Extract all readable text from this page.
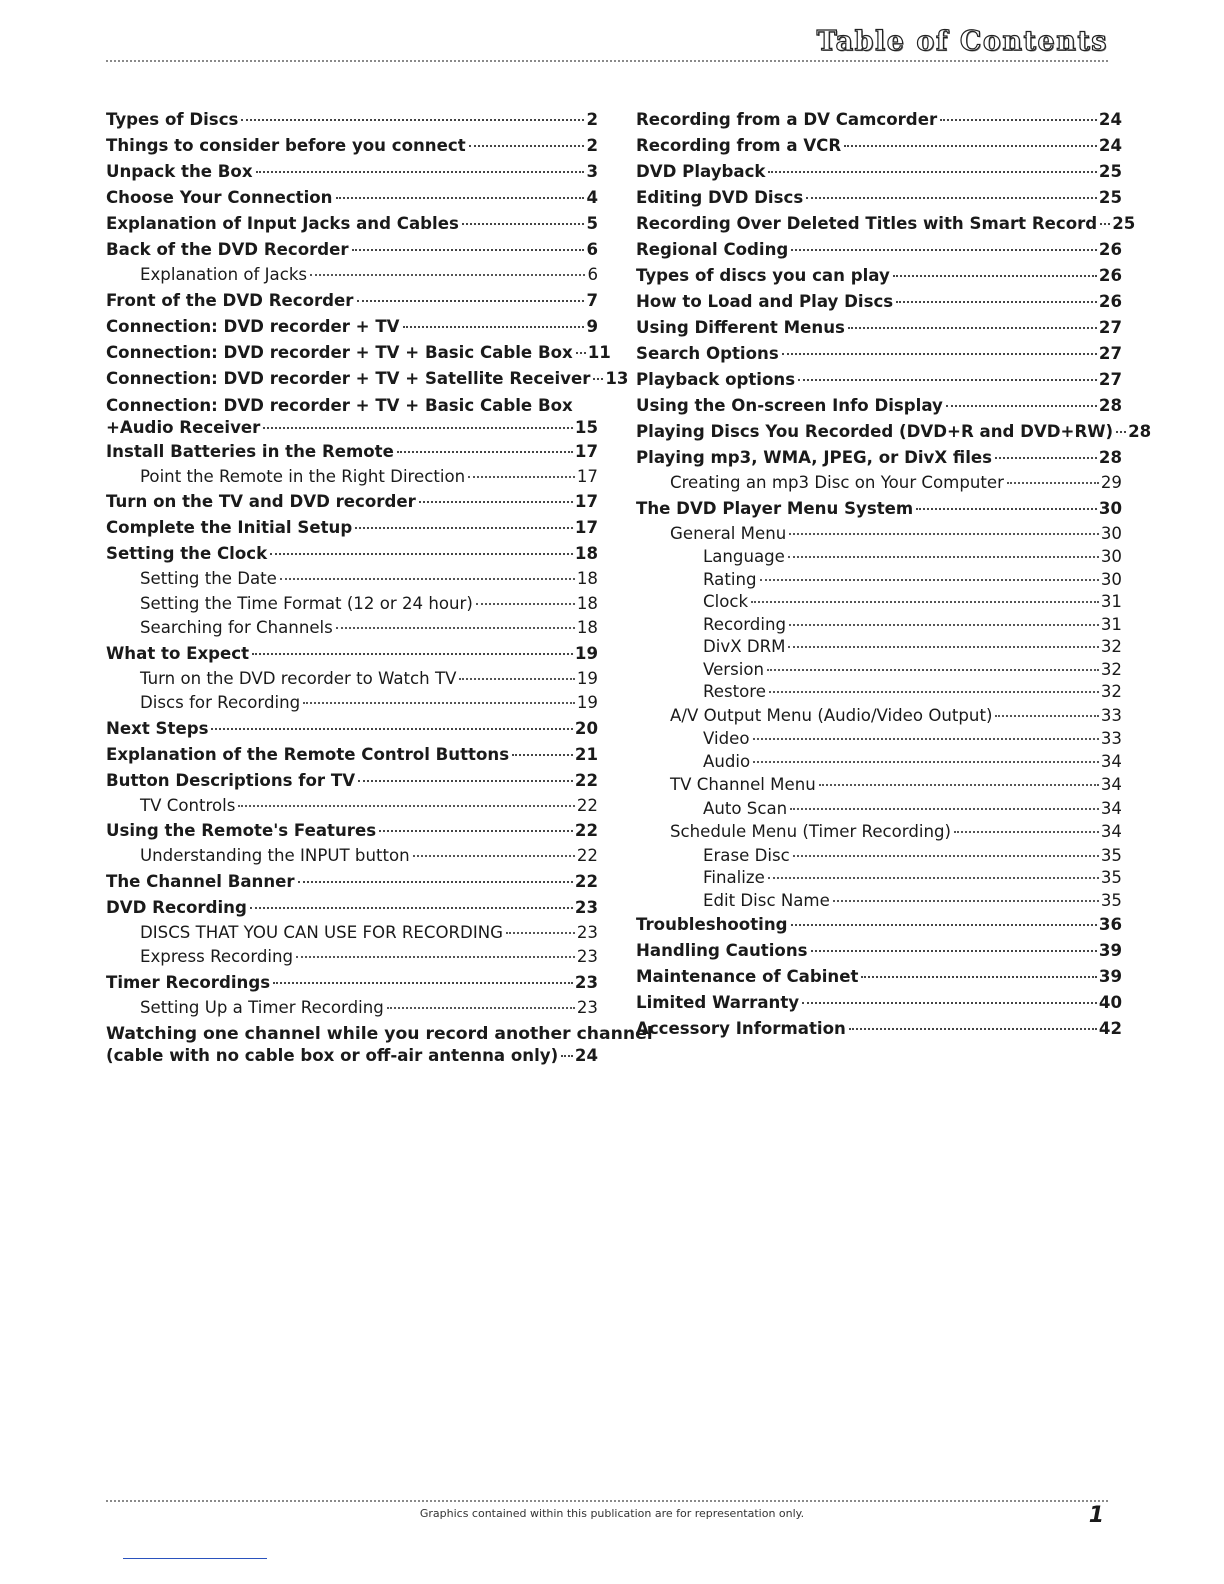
Table of Contents
Types of Discs	2
Things to consider before you connect	2
Unpack the Box	3
Choose Your Connection	4
Explanation of Input Jacks and Cables	5
Back of the DVD Recorder	6
Explanation of Jacks	6
Front of the DVD Recorder	7
Connection: DVD recorder + TV	9
Connection: DVD recorder + TV + Basic Cable Box 11
Connection: DVD recorder + TV + Satellite Receiver 13
Connection: DVD recorder + TV + Basic Cable Box
+Audio Receiver	15
Install Batteries in the Remote	17
Point the Remote in the Right Direction	17
Turn on the TV and DVD recorder	17
Complete the Initial Setup	17
Setting the Clock	18
Setting the Date	18
Setting the Time Format (12 or 24 hour)	18
Searching for Channels	18
What to Expect	19
Turn on the DVD recorder to Watch TV	19
Discs for Recording	19
Next Steps	20
Explanation of the Remote Control Buttons	21
Button Descriptions for TV	22
TV Controls	22
Using the Remote's Features	22
Understanding the INPUT button	22
The Channel Banner	22
DVD Recording	23
DISCS THAT YOU CAN USE FOR RECORDING	23
Express Recording	23
Timer Recordings	23
Setting Up a Timer Recording	23
Watching one channel while you record another channel
(cable with no cable box or off-air antenna only) 24
Recording from a DV Camcorder	24
Recording from a VCR	24
DVD Playback	25
Editing DVD Discs	25
Recording Over Deleted Titles with Smart Record 25
Regional Coding	26
Types of discs you can play	26
How to Load and Play Discs	26
Using Different Menus	27
Search Options	27
Playback options	27
Using the On-screen Info Display	28
Playing Discs You Recorded (DVD+R and DVD+RW) 28
Playing mp3, WMA, JPEG, or DivX files	28
Creating an mp3 Disc on Your Computer	29
The DVD Player Menu System	30
General Menu	30
Language	30
Rating	30
Clock	31
Recording	31
DivX DRM	32
Version	32
Restore	32
A/V Output Menu (Audio/Video Output)	33
Video	33
Audio	34
TV Channel Menu	34
Auto Scan	34
Schedule Menu (Timer Recording)	34
Erase Disc	35
Finalize	35
Edit Disc Name	35
Troubleshooting	36
Handling Cautions	39
Maintenance of Cabinet	39
Limited Warranty	40
Accessory Information	42
Graphics contained within this publication are for representation only.	1
